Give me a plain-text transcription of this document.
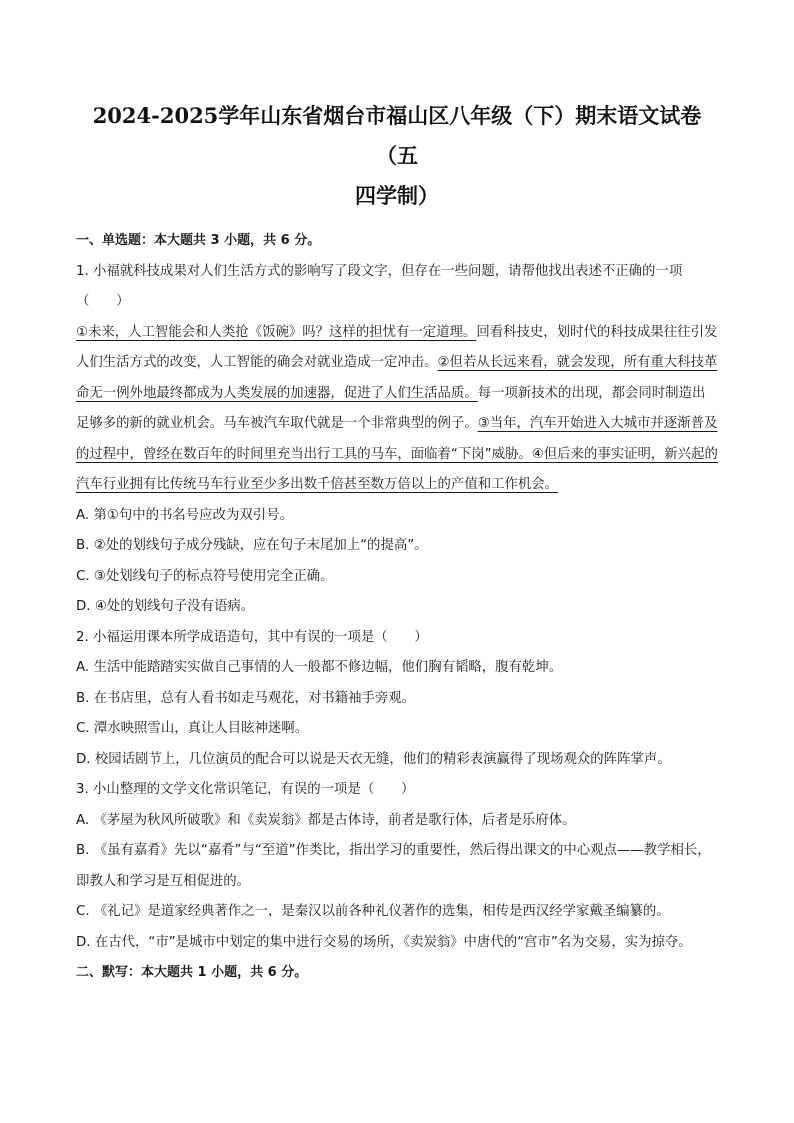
2024-2025学年山东省烟台市福山区八年级（下）期末语文试卷（五
四学制）

一、单选题：本大题共 3 小题，共 6 分。

1. 小福就科技成果对人们生活方式的影响写了段文字，但存在一些问题，请帮他找出表述不正确的一项
（　　）

①未来，人工智能会和人类抢《饭碗》吗？这样的担忧有一定道理。回看科技史，划时代的科技成果往往引发人们生活方式的改变，人工智能的确会对就业造成一定冲击。②但若从长远来看，就会发现，所有重大科技革命无一例外地最终都成为人类发展的加速器，促进了人们生活品质。每一项新技术的出现，都会同时制造出足够多的新的就业机会。马车被汽车取代就是一个非常典型的例子。③当年，汽车开始进入大城市并逐渐普及的过程中，曾经在数百年的时间里充当出行工具的马车，面临着“下岗”威胁。④但后来的事实证明，新兴起的汽车行业拥有比传统马车行业至少多出数千倍甚至数万倍以上的产值和工作机会。

A. 第①句中的书名号应改为双引号。

B. ②处的划线句子成分残缺，应在句子末尾加上“的提高”。

C. ③处划线句子的标点符号使用完全正确。

D. ④处的划线句子没有语病。

2. 小福运用课本所学成语造句，其中有误的一项是（　　）

A. 生活中能踏踏实实做自己事情的人一般都不修边幅，他们胸有韬略，腹有乾坤。

B. 在书店里，总有人看书如走马观花，对书籍袖手旁观。

C. 潭水映照雪山，真让人目眩神迷啊。

D. 校园话剧节上，几位演员的配合可以说是天衣无缝，他们的精彩表演赢得了现场观众的阵阵掌声。

3. 小山整理的文学文化常识笔记，有误的一项是（　　）

A. 《茅屋为秋风所破歌》和《卖炭翁》都是古体诗，前者是歌行体，后者是乐府体。

B. 《虽有嘉肴》先以“嘉肴”与“至道”作类比，指出学习的重要性，然后得出课文的中心观点——教学相长，即教人和学习是互相促进的。

C. 《礼记》是道家经典著作之一，是秦汉以前各种礼仪著作的选集，相传是西汉经学家戴圣编纂的。

D. 在古代，“市”是城市中划定的集中进行交易的场所，《卖炭翁》中唐代的“宫市”名为交易，实为掠夺。

二、默写：本大题共 1 小题，共 6 分。
